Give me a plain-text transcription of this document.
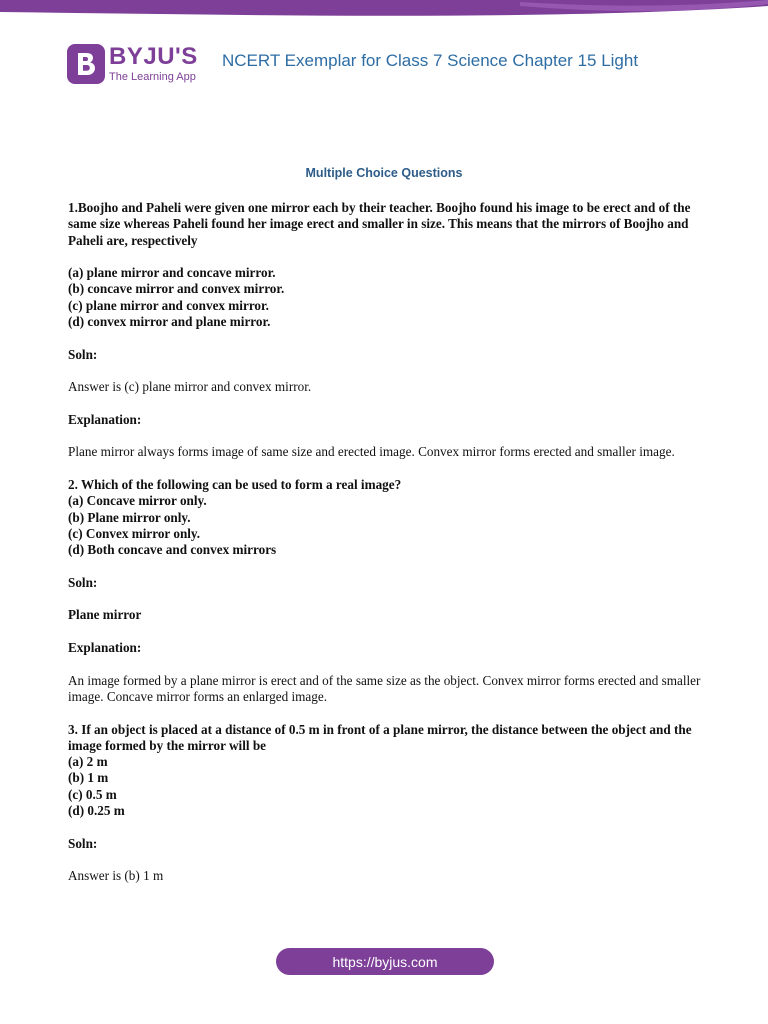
BYJU'S
The Learning App
NCERT Exemplar for Class 7 Science Chapter 15 Light
Multiple Choice Questions

1.Boojho and Paheli were given one mirror each by their teacher. Boojho found his image to be erect and of the same size whereas Paheli found her image erect and smaller in size. This means that the mirrors of Boojho and Paheli are, respectively

(a) plane mirror and concave mirror.

(b) concave mirror and convex mirror.

(c) plane mirror and convex mirror.

(d) convex mirror and plane mirror.

Soln:

Answer is (c) plane mirror and convex mirror.

Explanation:

Plane mirror always forms image of same size and erected image. Convex mirror forms erected and smaller image.

2. Which of the following can be used to form a real image?

(a) Concave mirror only.

(b) Plane mirror only.

(c) Convex mirror only.

(d) Both concave and convex mirrors

Soln:

Plane mirror

Explanation:

An image formed by a plane mirror is erect and of the same size as the object. Convex mirror forms erected and smaller image. Concave mirror forms an enlarged image.

3. If an object is placed at a distance of 0.5 m in front of a plane mirror, the distance between the object and the image formed by the mirror will be

(a) 2 m

(b) 1 m

(c) 0.5 m

(d) 0.25 m

Soln:

Answer is (b) 1 m

https://byjus.com
